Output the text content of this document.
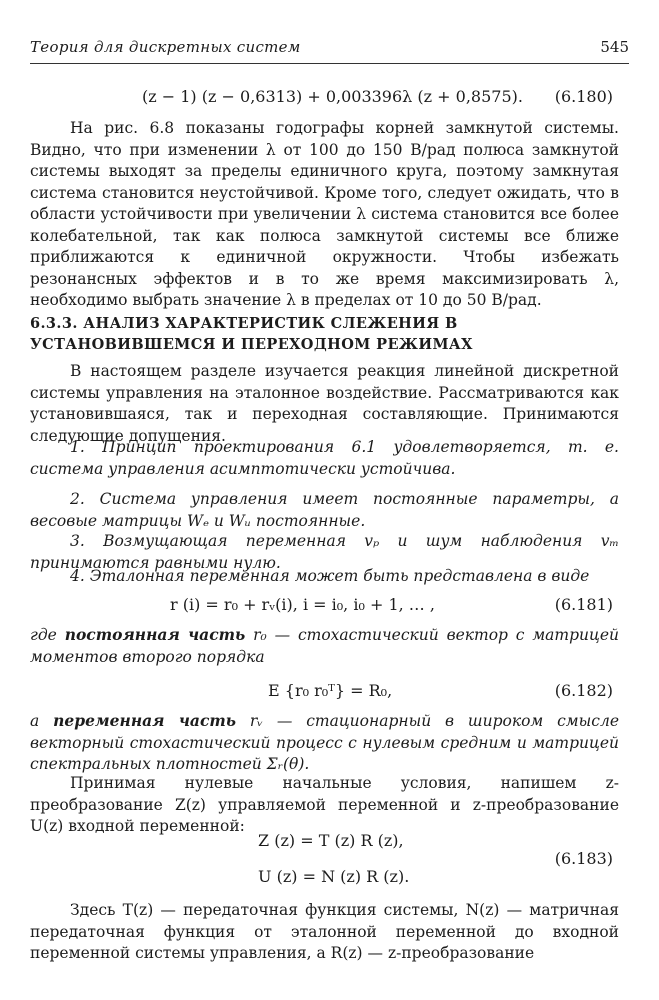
Теория для дискретных систем	545
(z − 1) (z − 0,6313) + 0,003396λ (z + 0,8575). (6.180)

На рис. 6.8 показаны годографы корней замкнутой системы. Видно, что при изменении λ от 100 до 150 В/рад полюса замкнутой системы выходят за пределы единичного круга, поэтому замкнутая система становится неустойчивой. Кроме того, следует ожидать, что в области устойчивости при увеличении λ система становится все более колебательной, так как полюса замкнутой системы все ближе приближаются к единичной окружности. Чтобы избежать резонансных эффектов и в то же время максимизировать λ, необходимо выбрать значение λ в пределах от 10 до 50 В/рад.

6.3.3. АНАЛИЗ ХАРАКТЕРИСТИК СЛЕЖЕНИЯ В УСТАНОВИВШЕМСЯ И ПЕРЕХОДНОМ РЕЖИМАХ

В настоящем разделе изучается реакция линейной дискретной системы управления на эталонное воздействие. Рассматриваются как установившаяся, так и переходная составляющие. Принимаются следующие допущения.

1. Принцип проектирования 6.1 удовлетворяется, т. е. система управления асимптотически устойчива.

2. Система управления имеет постоянные параметры, а весовые матрицы Wₑ и Wᵤ постоянные.

3. Возмущающая переменная vₚ и шум наблюдения vₘ принимаются равными нулю.

4. Эталонная переменная может быть представлена в виде

r (i) = r₀ + rᵥ(i), i = i₀, i₀ + 1, … ,	(6.181)

где постоянная часть r₀ — стохастический вектор с матрицей моментов второго порядка

E {r₀ r₀ᵀ} = R₀,	(6.182)

а переменная часть rᵥ — стационарный в широком смысле векторный стохастический процесс с нулевым средним и матрицей спектральных плотностей Σᵣ(θ).

Принимая нулевые начальные условия, напишем z-преобразование Z(z) управляемой переменной и z-преобразование U(z) входной переменной:

Z (z) = T (z) R (z),
U (z) = N (z) R (z).
(6.183)

Здесь T(z) — передаточная функция системы, N(z) — матричная передаточная функция от эталонной переменной до входной переменной системы управления, а R(z) — z-преобразование
